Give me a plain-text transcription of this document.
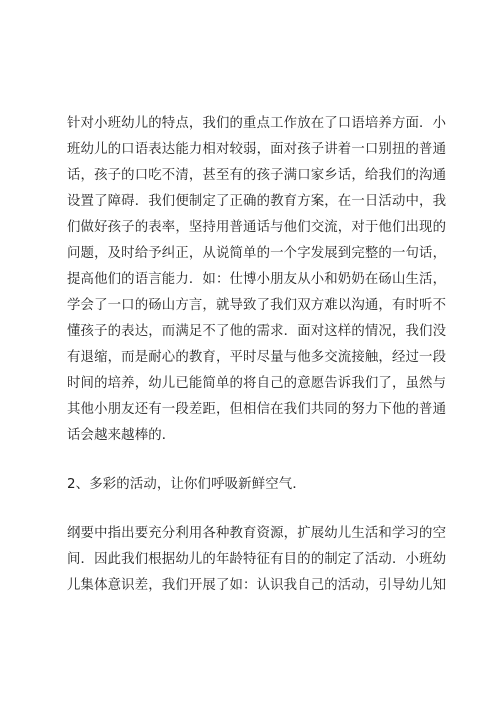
针对小班幼儿的特点，我们的重点工作放在了口语培养方面．小
班幼儿的口语表达能力相对较弱，面对孩子讲着一口别扭的普通
话，孩子的口吃不清，甚至有的孩子满口家乡话，给我们的沟通
设置了障碍．我们便制定了正确的教育方案，在一日活动中，我
们做好孩子的表率，坚持用普通话与他们交流，对于他们出现的
问题，及时给予纠正，从说简单的一个字发展到完整的一句话，
提高他们的语言能力．如：仕博小朋友从小和奶奶在砀山生活，
学会了一口的砀山方言，就导致了我们双方难以沟通，有时听不
懂孩子的表达，而满足不了他的需求．面对这样的情况，我们没
有退缩，而是耐心的教育，平时尽量与他多交流接触，经过一段
时间的培养，幼儿已能简单的将自己的意愿告诉我们了，虽然与
其他小朋友还有一段差距，但相信在我们共同的努力下他的普通
话会越来越棒的．
2、多彩的活动，让你们呼吸新鲜空气．
纲要中指出要充分利用各种教育资源，扩展幼儿生活和学习的空
间．因此我们根据幼儿的年龄特征有目的的制定了活动．小班幼
儿集体意识差，我们开展了如：认识我自己的活动，引导幼儿知
